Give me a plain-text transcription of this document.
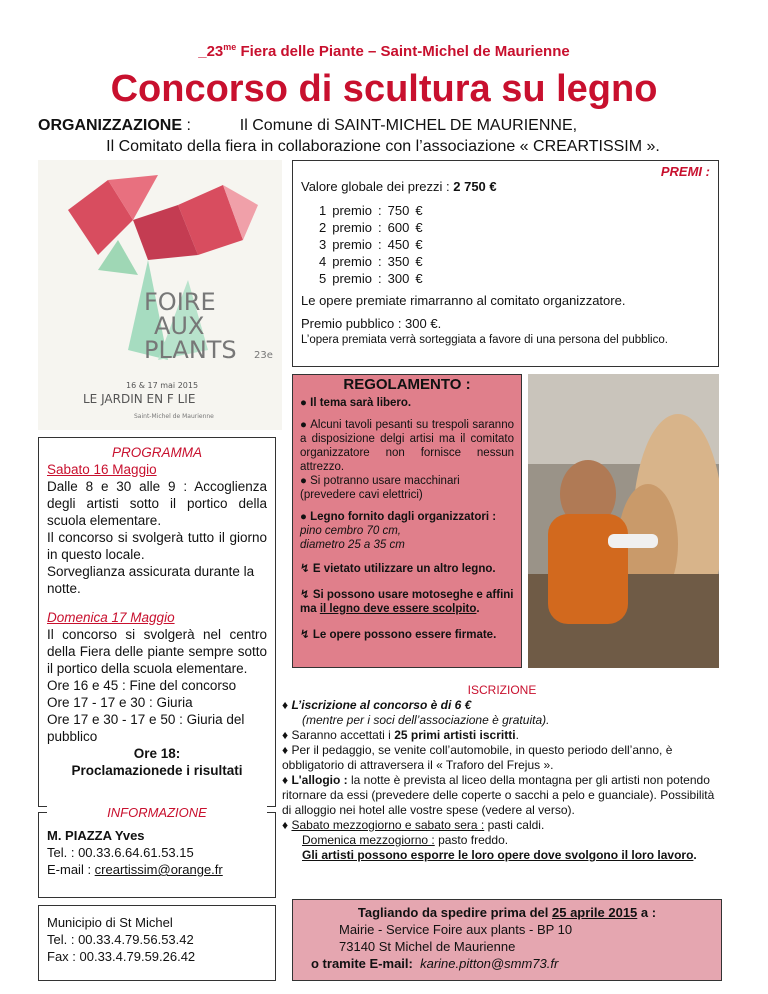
$\_23^{me}$ Fiera delle Piante – Saint-Michel de Maurienne
Concorso di scultura su legno
ORGANIZZAZIONE :           Il Comune di SAINT-MICHEL DE MAURIENNE,
Il Comitato della fiera in collaborazione con l’associazione « CREARTISSIM ».
FOIRE
AUX
PLANTS 23e
16 & 17 mai 2015
LE JARDIN EN F LIE
Saint-Michel de Maurienne
PREMI :
Valore globale dei prezzi : 2 750 €
1	premio	:	750	€
2	premio	:	600	€
3	premio	:	450	€
4	premio	:	350	€
5	premio	:	300	€
Le opere premiate rimarranno al comitato organizzatore.
Premio pubblico : 300 €.
L’opera premiata verrà sorteggiata a favore di una persona del pubblico.
PROGRAMMA
Sabato 16 Maggio
Dalle 8 e 30 alle 9 : Accoglienza degli artisti sotto il portico della scuola elementare.
Il concorso si svolgerà tutto il giorno in questo locale.
Sorveglianza assicurata durante la notte.
Domenica 17 Maggio
Il concorso si svolgerà nel centro della Fiera delle piante sempre sotto il portico della scuola elementare.
Ore 16 e 45 : Fine del concorso
Ore 17 - 17 e 30 : Giuria
Ore 17 e 30 - 17 e 50 : Giuria del pubblico
Ore 18:
Proclamazionede i risultati
INFORMAZIONE
M. PIAZZA Yves
Tel. : 00.33.6.64.61.53.15
E-mail : creartissim@orange.fr
Municipio di St Michel
Tel. : 00.33.4.79.56.53.42
Fax : 00.33.4.79.59.26.42
REGOLAMENTO :
● Il tema sarà libero.
● Alcuni tavoli pesanti su trespoli saranno a disposizione delgi artisi ma il comitato organizzatore non fornisce nessun attrezzo.
● Si potranno usare macchinari (prevedere cavi elettrici)
● Legno fornito dagli organizzatori :
pino cembro 70 cm,
diametro 25 a 35 cm
↯ E vietato utilizzare un altro legno.
↯ Si possono usare motoseghe e affini ma il legno deve essere scolpito.
↯ Le opere possono essere firmate.
ISCRIZIONE
♦ L’iscrizione al concorso è di 6 €
(mentre per i soci dell’associazione è gratuita).
♦ Saranno accettati i 25 primi artisti iscritti.
♦ Per il pedaggio, se venite coll’automobile, in questo periodo dell’anno, è obbligatorio di attraversera il « Traforo del Frejus ».
♦ L'allogio : la notte è prevista al liceo della montagna per gli artisti non potendo ritornare da essi (prevedere delle coperte o sacchi a pelo e guanciale). Possibilità di alloggio nei hotel alle vostre spese (vedere al verso).
♦ Sabato mezzogiorno e sabato sera : pasti caldi.
Domenica mezzogiorno : pasto freddo.
Gli artisti possono esporre le loro opere dove svolgono il loro lavoro.
Tagliando da spedire prima del 25 aprile 2015 a :
Mairie - Service Foire aux plants - BP 10
73140 St Michel de Maurienne
o tramite E-mail: karine.pitton@smm73.fr
